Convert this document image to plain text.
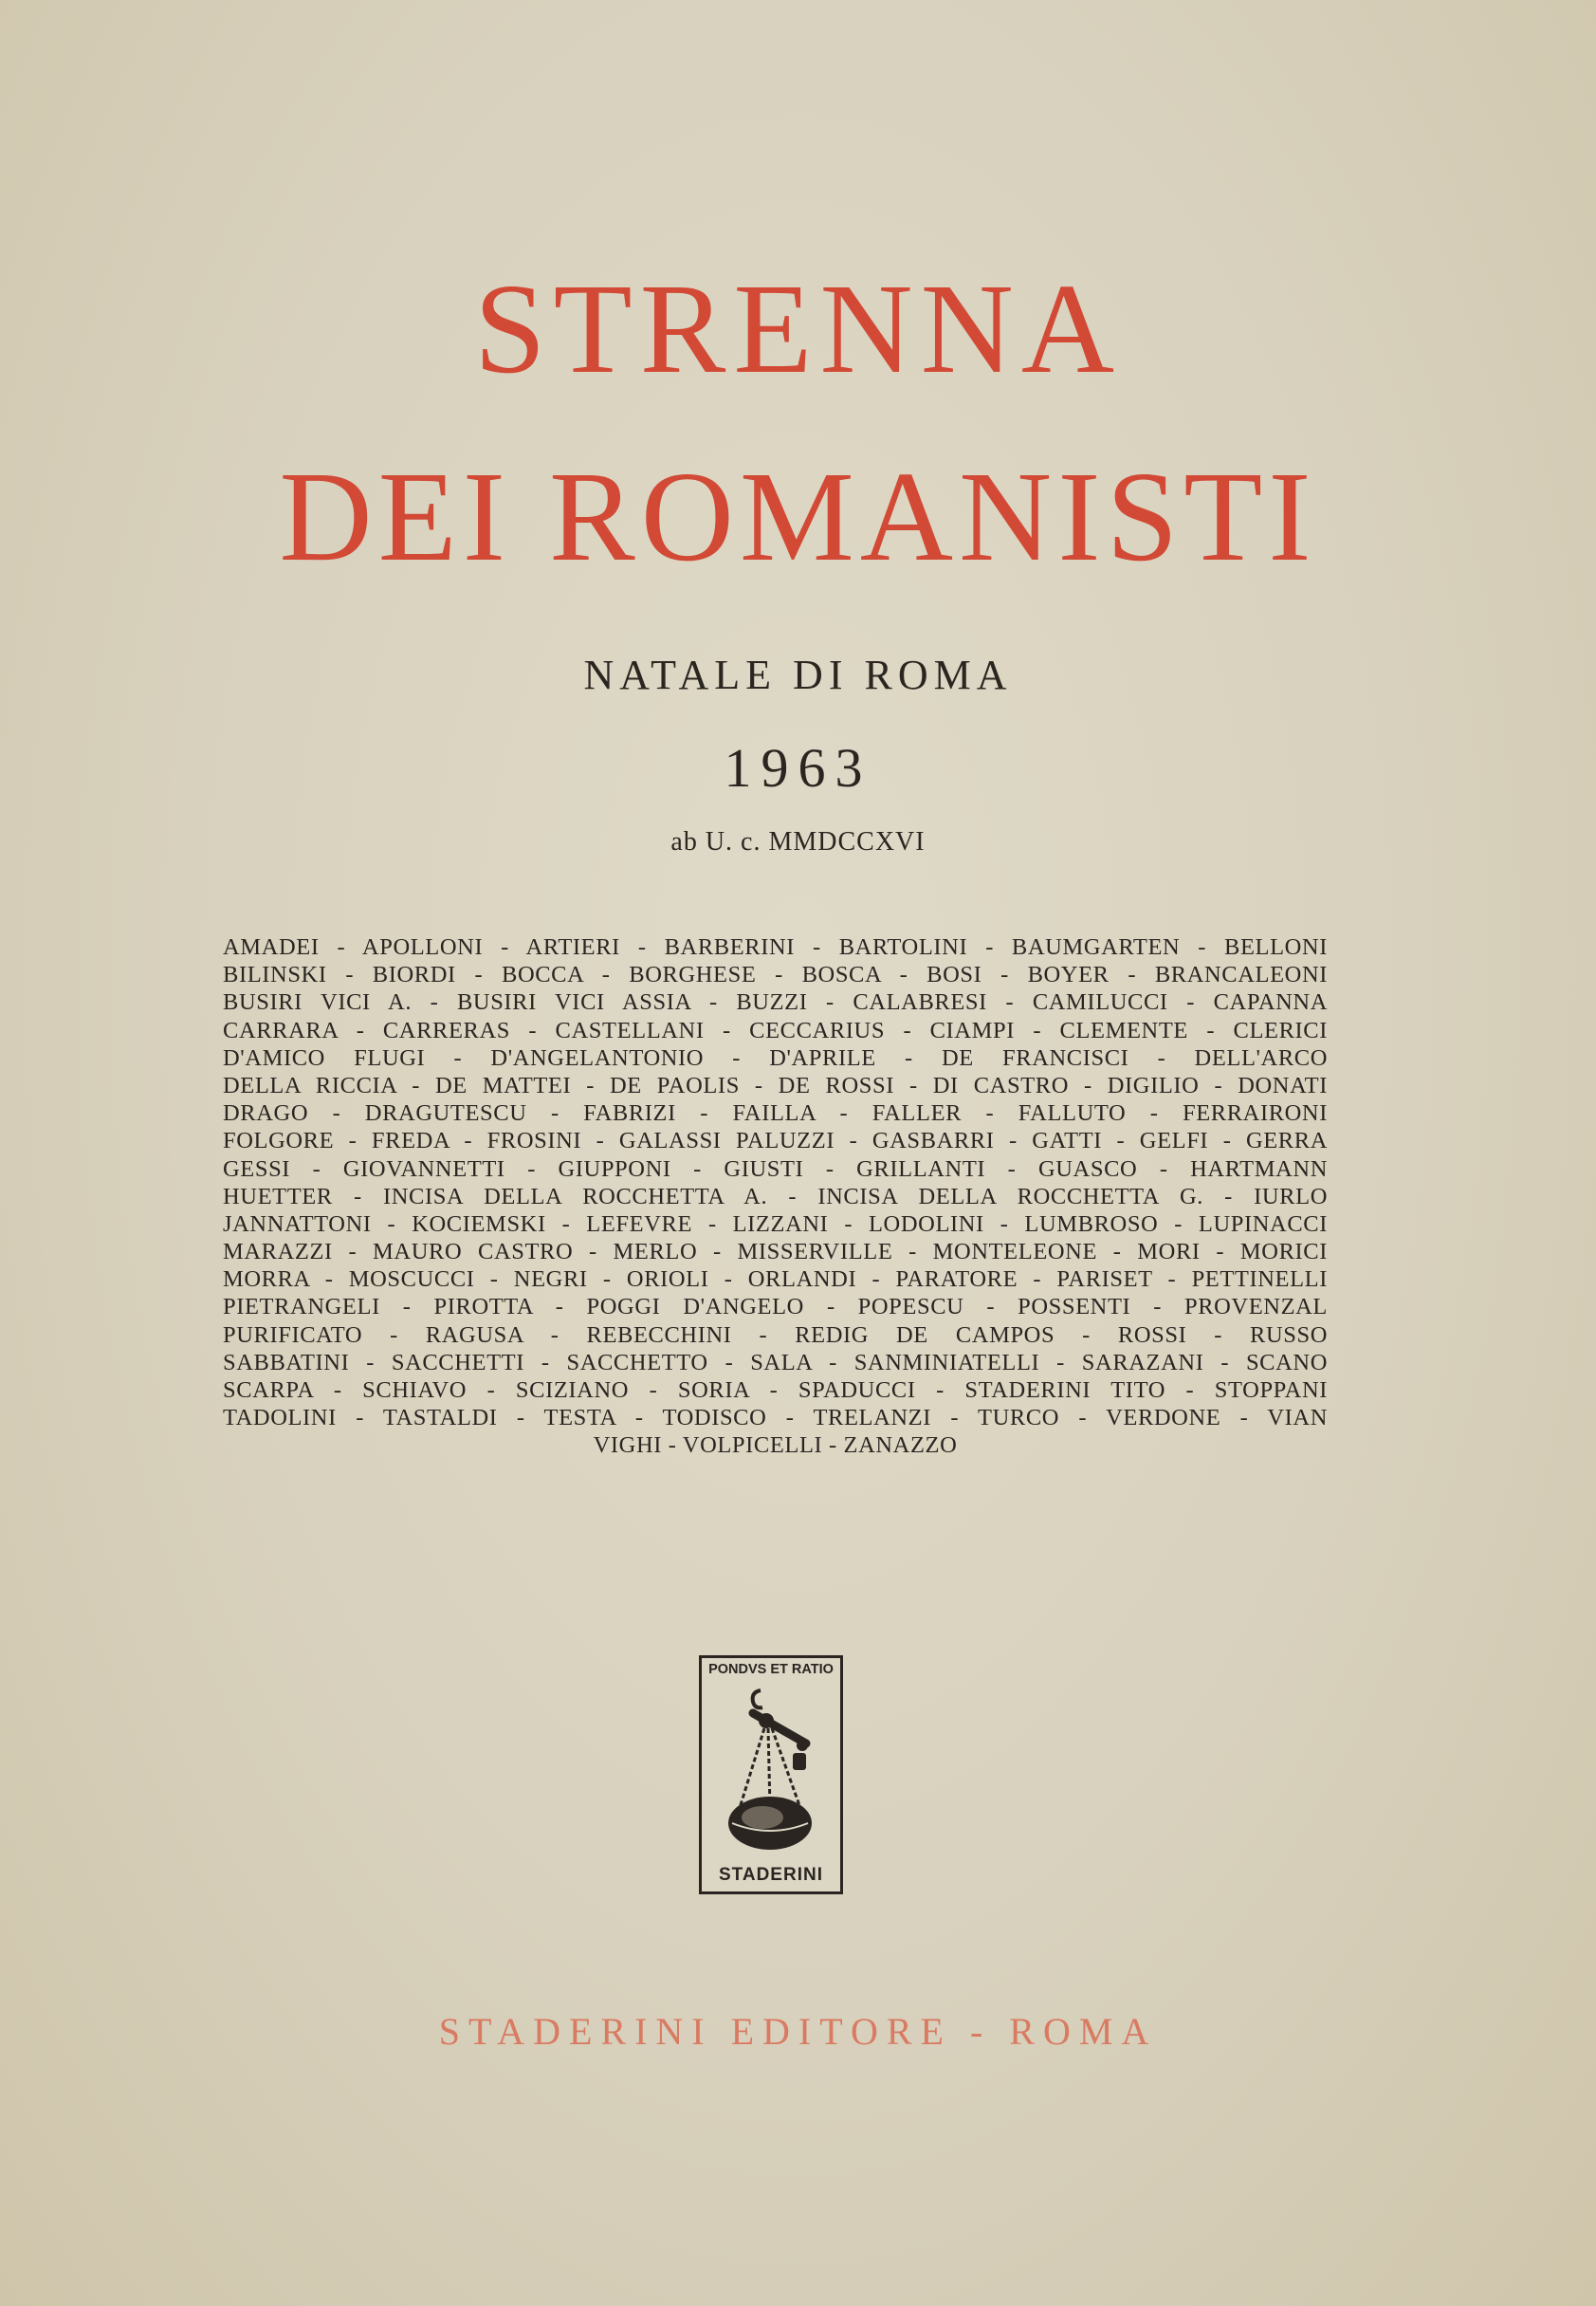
STRENNA
DEI ROMANISTI
NATALE DI ROMA
1963
ab U. c. MMDCCXVI
AMADEI - APOLLONI - ARTIERI - BARBERINI - BARTOLINI - BAUMGARTEN - BELLONI
BILINSKI - BIORDI - BOCCA - BORGHESE - BOSCA - BOSI - BOYER - BRANCALEONI
BUSIRI VICI A. - BUSIRI VICI ASSIA - BUZZI - CALABRESI - CAMILUCCI - CAPANNA
CARRARA - CARRERAS - CASTELLANI - CECCARIUS - CIAMPI - CLEMENTE - CLERICI
D'AMICO FLUGI - D'ANGELANTONIO - D'APRILE - DE FRANCISCI - DELL'ARCO
DELLA RICCIA - DE MATTEI - DE PAOLIS - DE ROSSI - DI CASTRO - DIGILIO - DONATI
DRAGO - DRAGUTESCU - FABRIZI - FAILLA - FALLER - FALLUTO - FERRAIRONI
FOLGORE - FREDA - FROSINI - GALASSI PALUZZI - GASBARRI - GATTI - GELFI - GERRA
GESSI - GIOVANNETTI - GIUPPONI - GIUSTI - GRILLANTI - GUASCO - HARTMANN
HUETTER - INCISA DELLA ROCCHETTA A. - INCISA DELLA ROCCHETTA G. - IURLO
JANNATTONI - KOCIEMSKI - LEFEVRE - LIZZANI - LODOLINI - LUMBROSO - LUPINACCI
MARAZZI - MAURO CASTRO - MERLO - MISSERVILLE - MONTELEONE - MORI - MORICI
MORRA - MOSCUCCI - NEGRI - ORIOLI - ORLANDI - PARATORE - PARISET - PETTINELLI
PIETRANGELI - PIROTTA - POGGI D'ANGELO - POPESCU - POSSENTI - PROVENZAL
PURIFICATO - RAGUSA - REBECCHINI - REDIG DE CAMPOS - ROSSI - RUSSO
SABBATINI - SACCHETTI - SACCHETTO - SALA - SANMINIATELLI - SARAZANI - SCANO
SCARPA - SCHIAVO - SCIZIANO - SORIA - SPADUCCI - STADERINI TITO - STOPPANI
TADOLINI - TASTALDI - TESTA - TODISCO - TRELANZI - TURCO - VERDONE - VIAN
VIGHI - VOLPICELLI - ZANAZZO
PONDVS ET RATIO
STADERINI
STADERINI EDITORE - ROMA
